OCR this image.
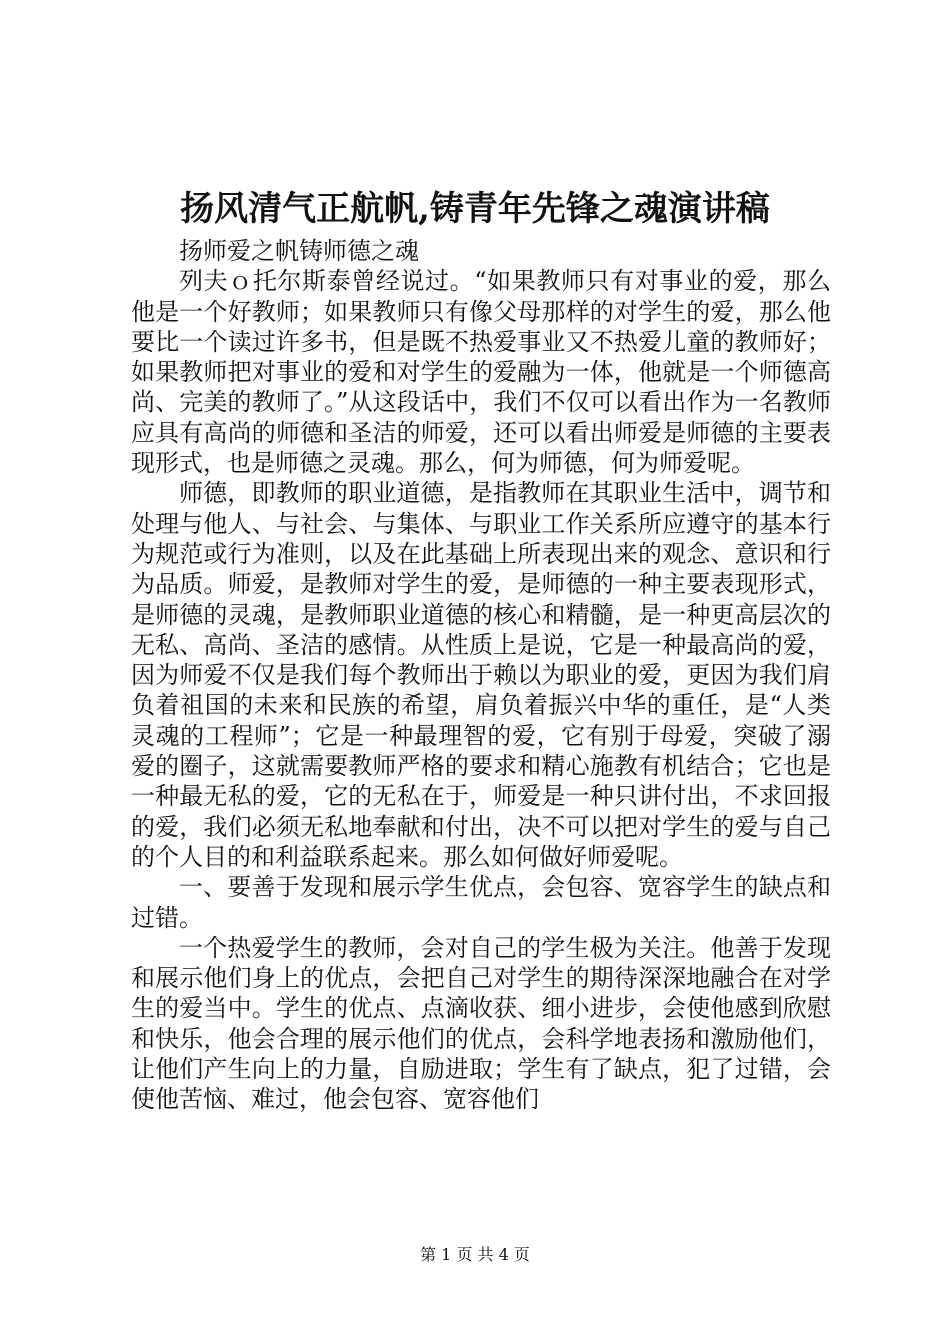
扬风清气正航帆,铸青年先锋之魂演讲稿

扬师爱之帆铸师德之魂

列夫ｏ托尔斯泰曾经说过。“如果教师只有对事业的爱，那么他是一个好教师；如果教师只有像父母那样的对学生的爱，那么他要比一个读过许多书，但是既不热爱事业又不热爱儿童的教师好；如果教师把对事业的爱和对学生的爱融为一体，他就是一个师德高尚、完美的教师了。”从这段话中，我们不仅可以看出作为一名教师应具有高尚的师德和圣洁的师爱，还可以看出师爱是师德的主要表现形式，也是师德之灵魂。那么，何为师德，何为师爱呢。

师德，即教师的职业道德，是指教师在其职业生活中，调节和处理与他人、与社会、与集体、与职业工作关系所应遵守的基本行为规范或行为准则，以及在此基础上所表现出来的观念、意识和行为品质。师爱，是教师对学生的爱，是师德的一种主要表现形式，是师德的灵魂，是教师职业道德的核心和精髓，是一种更高层次的无私、高尚、圣洁的感情。从性质上是说，它是一种最高尚的爱，因为师爱不仅是我们每个教师出于赖以为职业的爱，更因为我们肩负着祖国的未来和民族的希望，肩负着振兴中华的重任，是“人类灵魂的工程师”；它是一种最理智的爱，它有别于母爱，突破了溺爱的圈子，这就需要教师严格的要求和精心施教有机结合；它也是一种最无私的爱，它的无私在于，师爱是一种只讲付出，不求回报的爱，我们必须无私地奉献和付出，决不可以把对学生的爱与自己的个人目的和利益联系起来。那么如何做好师爱呢。

一、要善于发现和展示学生优点，会包容、宽容学生的缺点和过错。

一个热爱学生的教师，会对自己的学生极为关注。他善于发现和展示他们身上的优点，会把自己对学生的期待深深地融合在对学生的爱当中。学生的优点、点滴收获、细小进步，会使他感到欣慰和快乐，他会合理的展示他们的优点，会科学地表扬和激励他们，让他们产生向上的力量，自励进取；学生有了缺点，犯了过错，会使他苦恼、难过，他会包容、宽容他们

第 1 页 共 4 页
